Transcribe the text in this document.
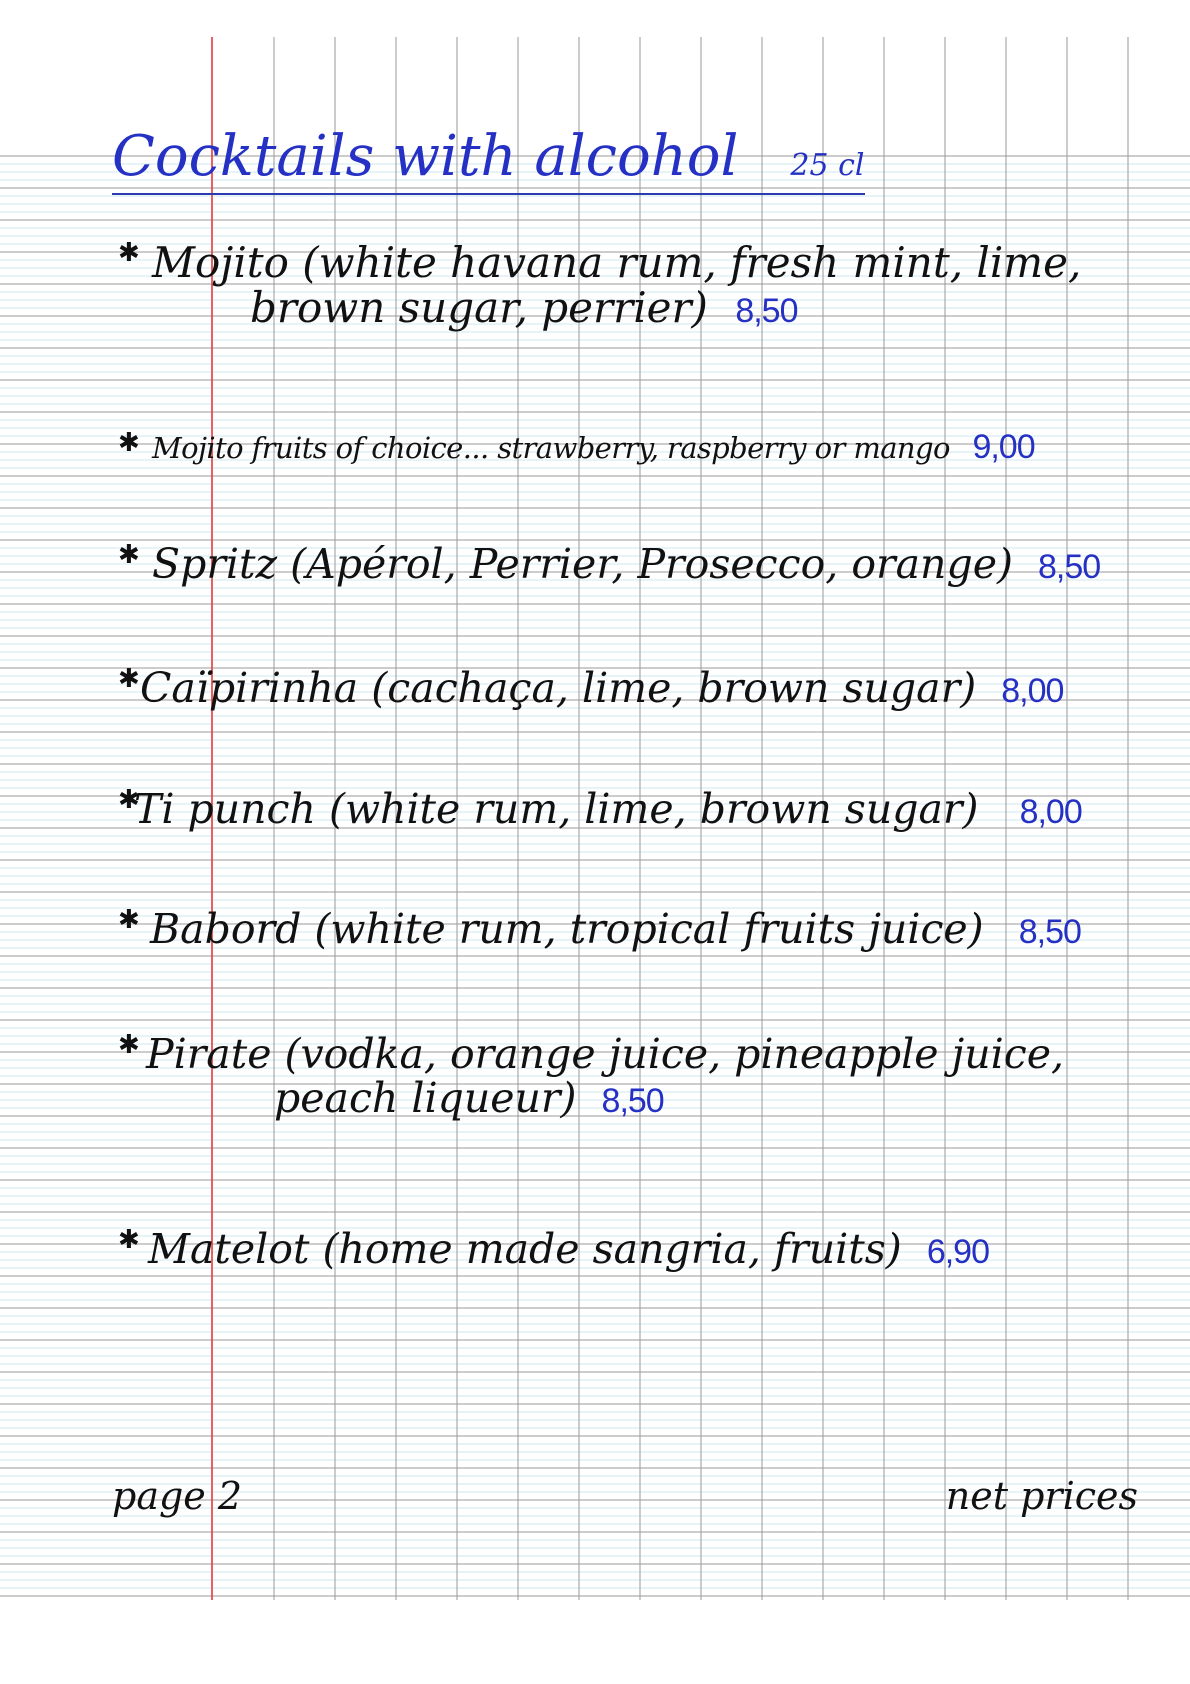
Cocktails with alcohol 25 cl
✱ Mojito (white havana rum, fresh mint, lime,
brown sugar, perrier) 8,50
✱ Mojito fruits of choice... strawberry, raspberry or mango 9,00
✱ Spritz (Apérol, Perrier, Prosecco, orange) 8,50
✱ Caïpirinha (cachaça, lime, brown sugar) 8,00
✱
Ti punch (white rum, lime, brown sugar) 8,00
✱ Babord (white rum, tropical fruits juice) 8,50
✱ Pirate (vodka, orange juice, pineapple juice,
peach liqueur) 8,50
✱ Matelot (home made sangria, fruits) 6,90
page 2	net prices
